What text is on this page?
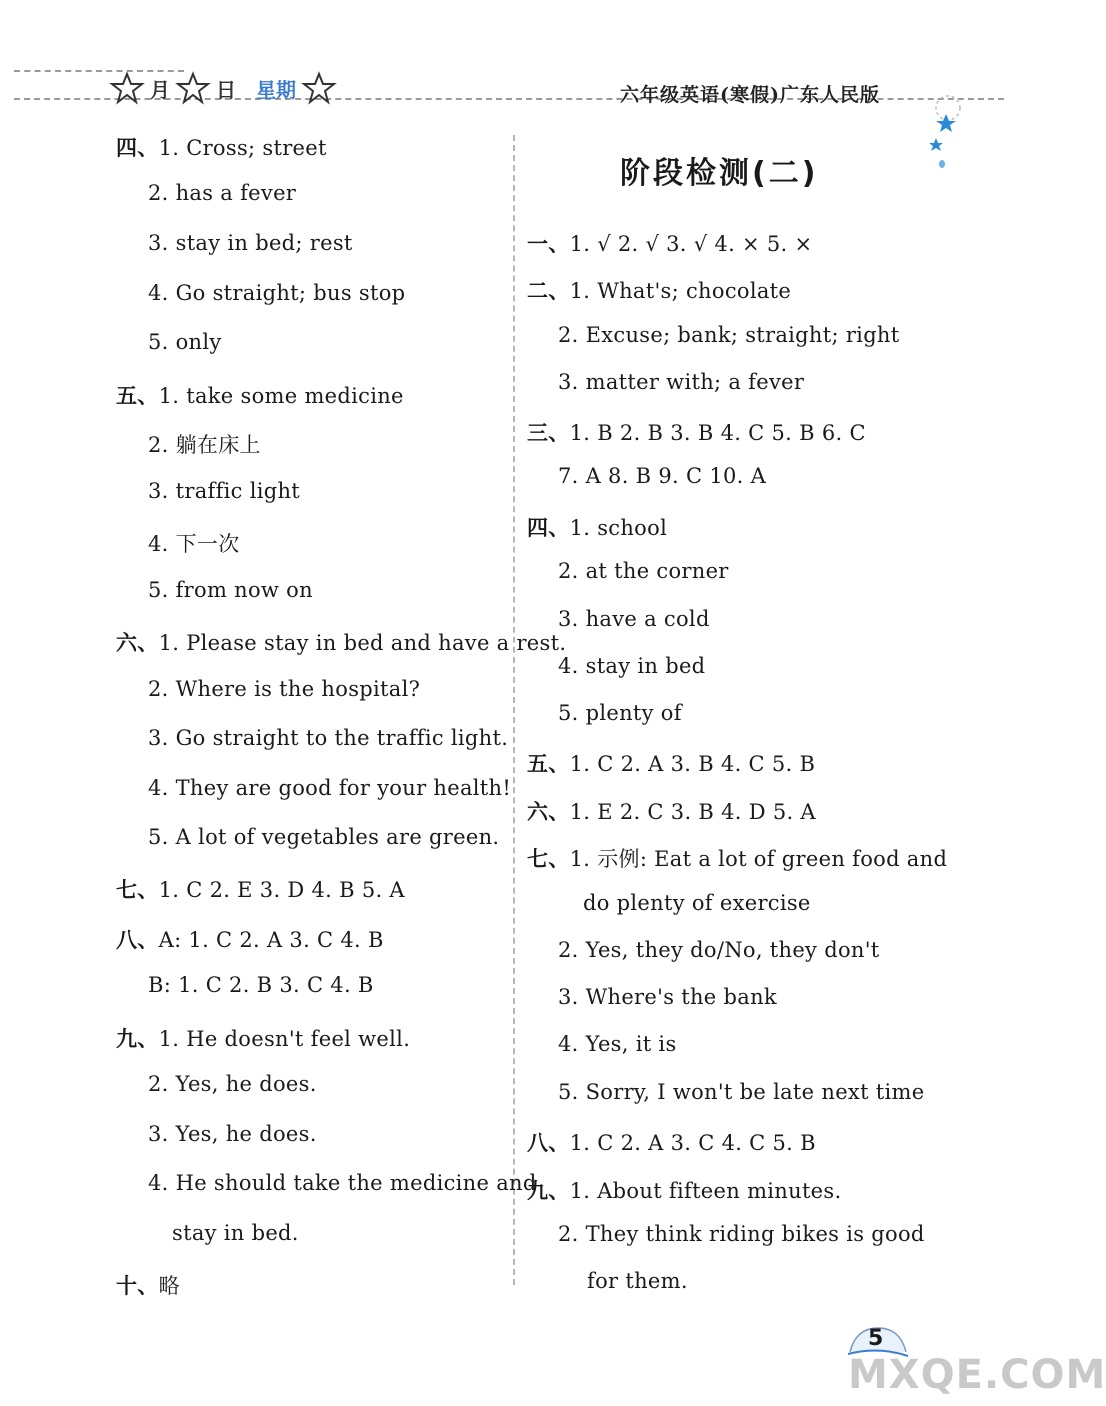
月 日 星期	六年级英语(寒假)广东人民版
四、1. Cross; street
2. has a fever
3. stay in bed; rest
4. Go straight; bus stop
5. only
五、1. take some medicine
2. 躺在床上
3. traffic light
4. 下一次
5. from now on
六、1. Please stay in bed and have a rest.
2. Where is the hospital?
3. Go straight to the traffic light.
4. They are good for your health!
5. A lot of vegetables are green.
七、1. C 2. E 3. D 4. B 5. A
八、A: 1. C 2. A 3. C 4. B
B: 1. C 2. B 3. C 4. B
九、1. He doesn't feel well.
2. Yes, he does.
3. Yes, he does.
4. He should take the medicine and
stay in bed.
十、略
阶段检测(二)
一、1. √ 2. √ 3. √ 4. × 5. ×
二、1. What's; chocolate
2. Excuse; bank; straight; right
3. matter with; a fever
三、1. B 2. B 3. B 4. C 5. B 6. C
7. A 8. B 9. C 10. A
四、1. school
2. at the corner
3. have a cold
4. stay in bed
5. plenty of
五、1. C 2. A 3. B 4. C 5. B
六、1. E 2. C 3. B 4. D 5. A
七、1. 示例: Eat a lot of green food and
do plenty of exercise
2. Yes, they do/No, they don't
3. Where's the bank
4. Yes, it is
5. Sorry, I won't be late next time
八、1. C 2. A 3. C 4. C 5. B
九、1. About fifteen minutes.
2. They think riding bikes is good
for them.
5
MXQE.COM
